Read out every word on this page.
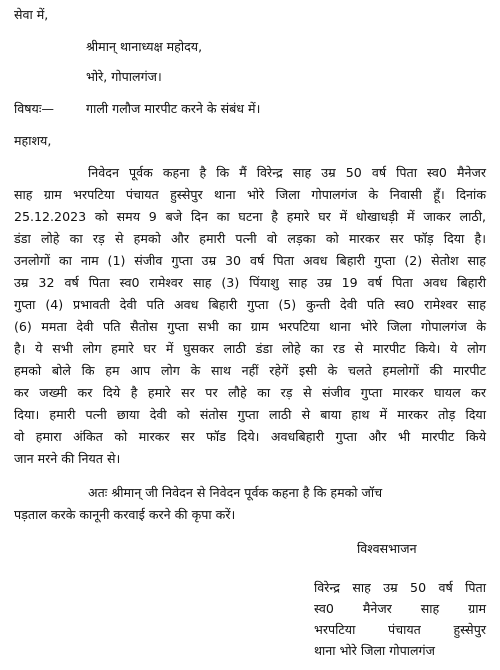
सेवा में,
श्रीमान् थानाध्यक्ष महोदय,
भोरे, गोपालगंज।
विषयः—	गाली गलौज मारपीट करने के संबंध में।
महाशय,
निवेदन पूर्वक कहना है कि मैं विरेन्द्र साह उम्र 50 वर्ष पिता स्व0 मैनेजर
साह ग्राम भरपटिया पंचायत हुस्सेपुर थाना भोरे जिला गोपालगंज के निवासी हूँ। दिनांक
25.12.2023 को समय 9 बजे दिन का घटना है हमारे घर में धोखाधड़ी में जाकर लाठी,
डंडा लोहे का रड़ से हमको और हमारी पत्नी वो लड़का को मारकर सर फॉड़ दिया है।
उनलोगों का नाम (1) संजीव गुप्ता उम्र 30 वर्ष पिता अवध बिहारी गुप्ता (2) सेतोश साह
उम्र 32 वर्ष पिता स्व0 रामेश्वर साह (3) पिंयाशु साह उम्र 19 वर्ष पिता अवध बिहारी
गुप्ता (4) प्रभावती देवी पति अवध बिहारी गुप्ता (5) कुन्ती देवी पति स्व0 रामेश्वर साह
(6) ममता देवी पति सैतोस गुप्ता सभी का ग्राम भरपटिया थाना भोरे जिला गोपालगंज के
है। ये सभी लोग हमारे घर में घुसकर लाठी डंडा लोहे का रड से मारपीट किये। ये लोग
हमको बोले कि हम आप लोग के साथ नहीं रहेगें इसी के चलते हमलोगों की मारपीट
कर जख्मी कर दिये है हमारे सर पर लौहे का रड़ से संजीव गुप्ता मारकर घायल कर
दिया। हमारी पत्नी छाया देवी को संतोस गुप्ता लाठी से बाया हाथ में मारकर तोड़ दिया
वो हमारा अंकित को मारकर सर फॉड दिये। अवधबिहारी गुप्ता और भी मारपीट किये
जान मरने की नियत से।
अतः श्रीमान् जी निवेदन से निवेदन पूर्वक कहना है कि हमको जॉच
पड़ताल करके कानूनी करवाई करने की कृपा करें।
विश्वसभाजन
विरेन्द्र साह उम्र 50 वर्ष पिता
स्व0 मैनेजर साह ग्राम
भरपटिया पंचायत हुस्सेपुर
थाना भोरे जिला गोपालगंज
